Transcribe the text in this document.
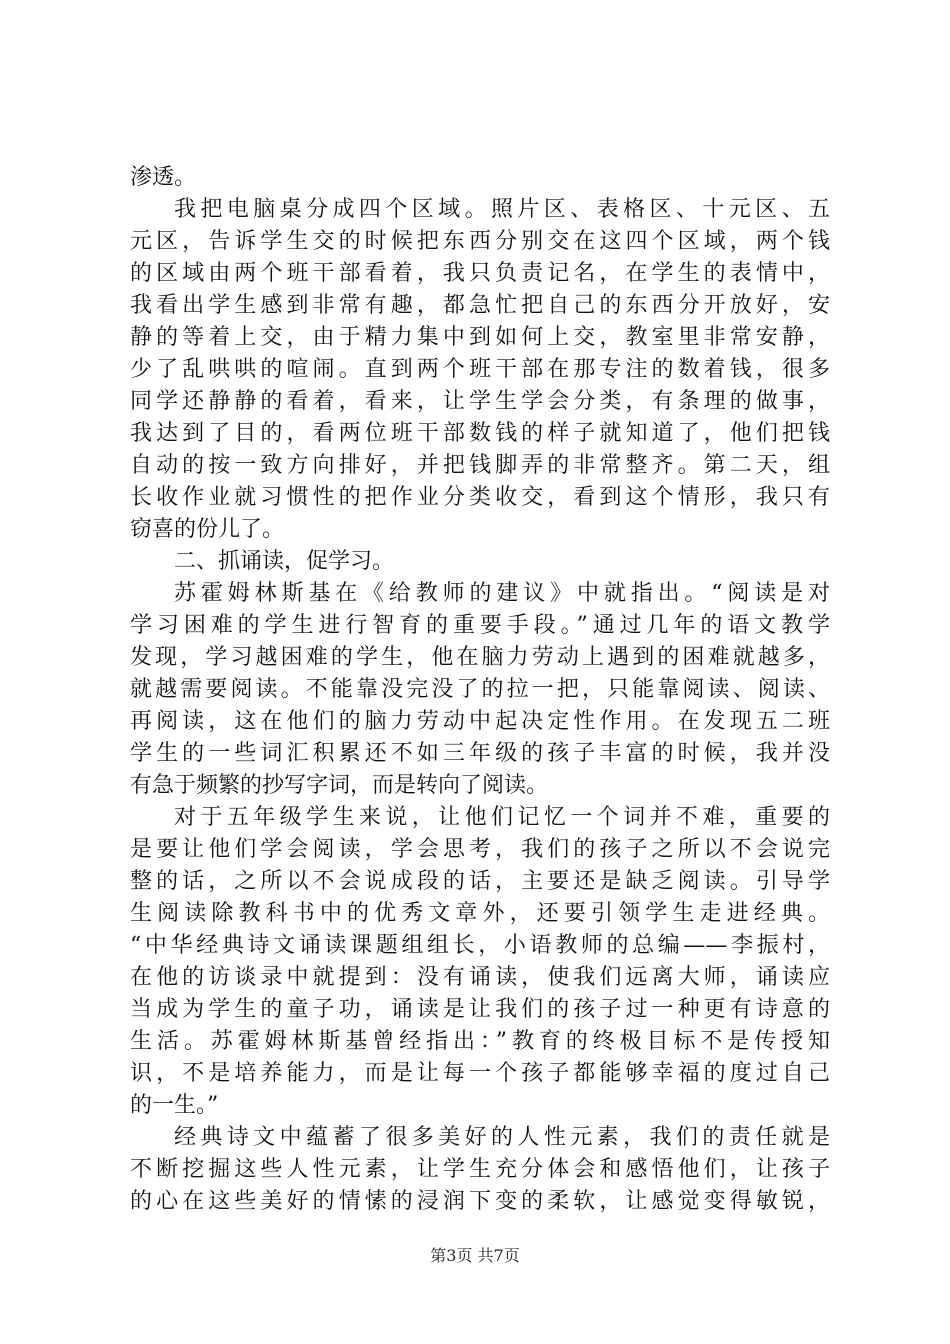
渗透。
我把电脑桌分成四个区域。照片区、表格区、十元区、五
元区，告诉学生交的时候把东西分别交在这四个区域，两个钱
的区域由两个班干部看着，我只负责记名，在学生的表情中，
我看出学生感到非常有趣，都急忙把自己的东西分开放好，安
静的等着上交，由于精力集中到如何上交，教室里非常安静，
少了乱哄哄的喧闹。直到两个班干部在那专注的数着钱，很多
同学还静静的看着，看来，让学生学会分类，有条理的做事，
我达到了目的，看两位班干部数钱的样子就知道了，他们把钱
自动的按一致方向排好，并把钱脚弄的非常整齐。第二天，组
长收作业就习惯性的把作业分类收交，看到这个情形，我只有
窃喜的份儿了。
二、抓诵读，促学习。
苏霍姆林斯基在《给教师的建议》中就指出。“阅读是对
学习困难的学生进行智育的重要手段。”通过几年的语文教学
发现，学习越困难的学生，他在脑力劳动上遇到的困难就越多，
就越需要阅读。不能靠没完没了的拉一把，只能靠阅读、阅读、
再阅读，这在他们的脑力劳动中起决定性作用。在发现五二班
学生的一些词汇积累还不如三年级的孩子丰富的时候，我并没
有急于频繁的抄写字词，而是转向了阅读。
对于五年级学生来说，让他们记忆一个词并不难，重要的
是要让他们学会阅读，学会思考，我们的孩子之所以不会说完
整的话，之所以不会说成段的话，主要还是缺乏阅读。引导学
生阅读除教科书中的优秀文章外，还要引领学生走进经典。
“中华经典诗文诵读课题组组长，小语教师的总编——李振村，
在他的访谈录中就提到：没有诵读，使我们远离大师，诵读应
当成为学生的童子功，诵读是让我们的孩子过一种更有诗意的
生活。苏霍姆林斯基曾经指出：”教育的终极目标不是传授知
识，不是培养能力，而是让每一个孩子都能够幸福的度过自己
的一生。”
经典诗文中蕴蓄了很多美好的人性元素，我们的责任就是
不断挖掘这些人性元素，让学生充分体会和感悟他们，让孩子
的心在这些美好的情愫的浸润下变的柔软，让感觉变得敏锐，
第3页 共7页
